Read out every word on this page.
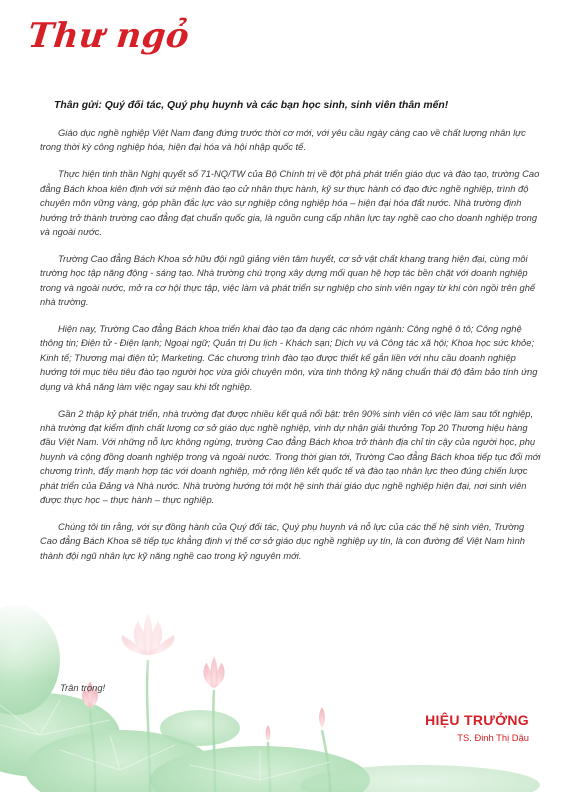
Thư ngỏ
Thân gửi: Quý đối tác, Quý phụ huynh và các bạn học sinh, sinh viên thân mến!

Giáo dục nghề nghiệp Việt Nam đang đứng trước thời cơ mới, với yêu cầu ngày càng cao về chất lượng nhân lực trong thời kỳ công nghiệp hóa, hiện đại hóa và hội nhập quốc tế.

Thực hiện tinh thần Nghị quyết số 71-NQ/TW của Bộ Chính trị về đột phá phát triển giáo dục và đào tạo, trường Cao đẳng Bách khoa kiên định với sứ mệnh đào tạo cử nhân thực hành, kỹ sư thực hành có đạo đức nghề nghiệp, trình độ chuyên môn vững vàng, góp phần đắc lực vào sự nghiệp công nghiệp hóa – hiện đại hóa đất nước. Nhà trường định hướng trở thành trường cao đẳng đạt chuẩn quốc gia, là nguồn cung cấp nhân lực tay nghề cao cho doanh nghiệp trong và ngoài nước.

Trường Cao đẳng Bách Khoa sở hữu đội ngũ giảng viên tâm huyết, cơ sở vật chất khang trang hiện đại, cùng môi trường học tập năng động - sáng tạo. Nhà trường chú trọng xây dựng mối quan hệ hợp tác bền chặt với doanh nghiệp trong và ngoài nước, mở ra cơ hội thực tập, việc làm và phát triển sự nghiệp cho sinh viên ngay từ khi còn ngồi trên ghế nhà trường.

Hiện nay, Trường Cao đẳng Bách khoa triển khai đào tạo đa dạng các nhóm ngành: Công nghệ ô tô; Công nghệ thông tin; Điện tử - Điện lạnh; Ngoại ngữ; Quản trị Du lịch - Khách sạn; Dịch vụ và Công tác xã hội; Khoa học sức khỏe; Kinh tế; Thương mại điện tử; Marketing. Các chương trình đào tạo được thiết kế gắn liền với nhu cầu doanh nghiệp hướng tới mục tiêu tiêu đào tạo người học vừa giỏi chuyên môn, vừa tinh thông kỹ năng chuẩn thái độ đảm bảo tính ứng dụng và khả năng làm việc ngay sau khi tốt nghiệp.

Gần 2 thập kỷ phát triển, nhà trường đạt được nhiều kết quả nổi bật: trên 90% sinh viên có việc làm sau tốt nghiệp, nhà trường đạt kiểm định chất lượng cơ sở giáo dục nghề nghiệp, vinh dự nhận giải thưởng Top 20 Thương hiệu hàng đầu Việt Nam. Với những nỗ lực không ngừng, trường Cao đẳng Bách khoa trở thành địa chỉ tin cậy của người học, phụ huynh và cộng đồng doanh nghiệp trong và ngoài nước. Trong thời gian tới, Trường Cao đẳng Bách khoa tiếp tục đổi mới chương trình, đẩy mạnh hợp tác với doanh nghiệp, mở rộng liên kết quốc tế và đào tạo nhân lực theo đúng chiến lược phát triển của Đảng và Nhà nước. Nhà trường hướng tới một hệ sinh thái giáo dục nghề nghiệp hiện đại, nơi sinh viên được thực học – thực hành – thực nghiệp.

Chúng tôi tin rằng, với sự đồng hành của Quý đối tác, Quý phụ huynh và nỗ lực của các thế hệ sinh viên, Trường Cao đẳng Bách Khoa sẽ tiếp tục khẳng định vị thế cơ sở giáo dục nghề nghiệp uy tín, là con đường để Việt Nam hình thành đội ngũ nhân lực kỹ năng nghề cao trong kỷ nguyên mới.

Trân trọng!
HIỆU TRƯỞNG
TS. Đinh Thị Dậu
